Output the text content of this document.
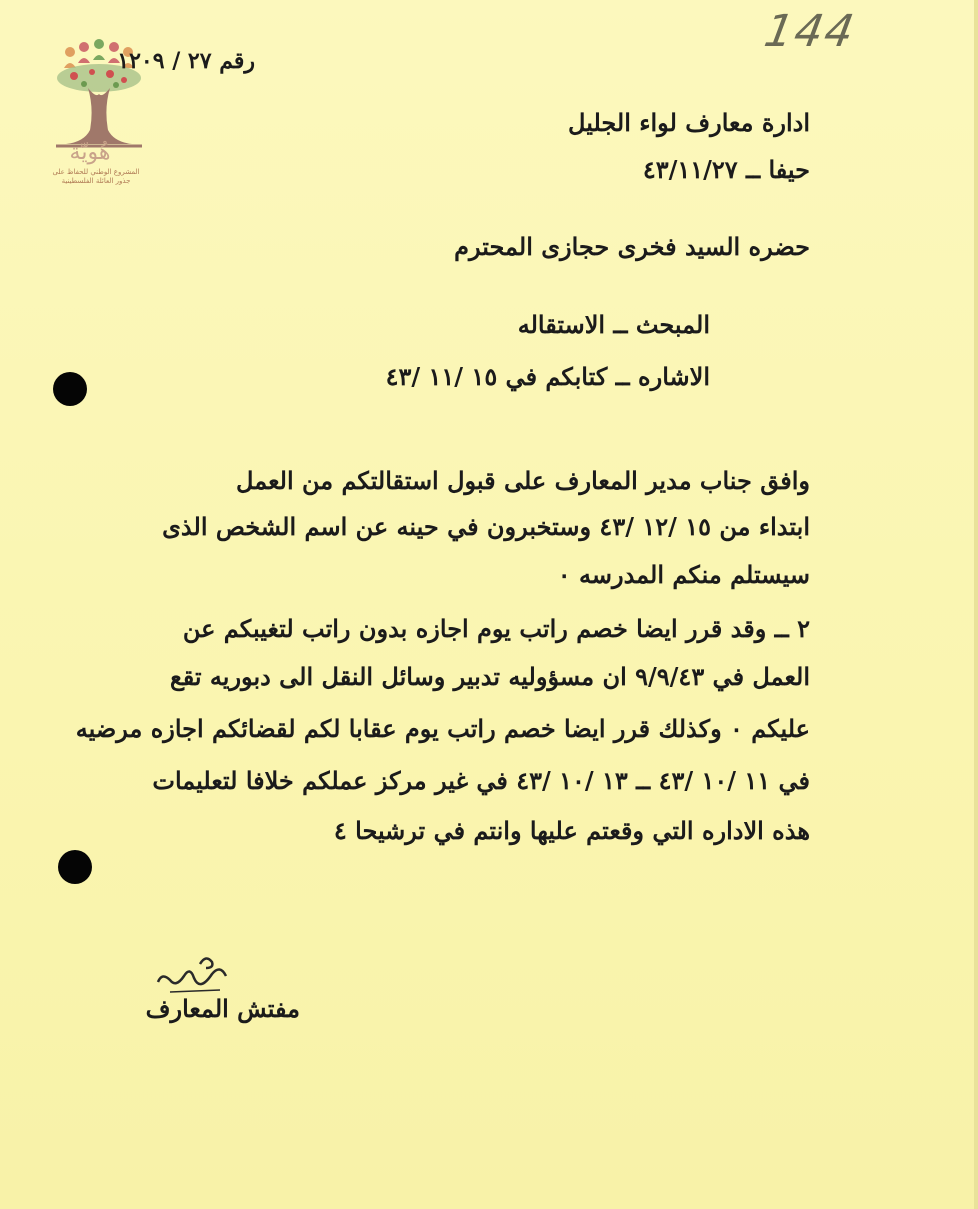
144
هُويّة
المشروع الوطني للحفاظ على
جذور العائلة الفلسطينية
رقم ٢٧ / ١٢٠٩
ادارة معارف لواء الجليل
حيفا ــ ٤٣/١١/٢٧
حضره السيد فخرى حجازى المحترم
المبحث ــ الاستقاله
الاشاره ــ كتابكم في ١٥ /١١ /٤٣
وافق جناب مدير المعارف على قبول استقالتكم من العمل
ابتداء من ١٥ /١٢ /٤٣ وستخبرون في حينه عن اسم الشخص الذى
سيستلم منكم المدرسه ٠
٢ ــ وقد قرر ايضا خصم راتب يوم اجازه بدون راتب لتغيبكم عن
العمل في ٩/٩/٤٣ ان مسؤوليه تدبير وسائل النقل الى دبوريه تقع
عليكم ٠ وكذلك قرر ايضا خصم راتب يوم عقابا لكم لقضائكم اجازه مرضيه
في ١١ /١٠ /٤٣ ــ ١٣ /١٠ /٤٣ في غير مركز عملكم خلافا لتعليمات
هذه الاداره التي وقعتم عليها وانتم في ترشيحا ٤
مفتش المعارف
